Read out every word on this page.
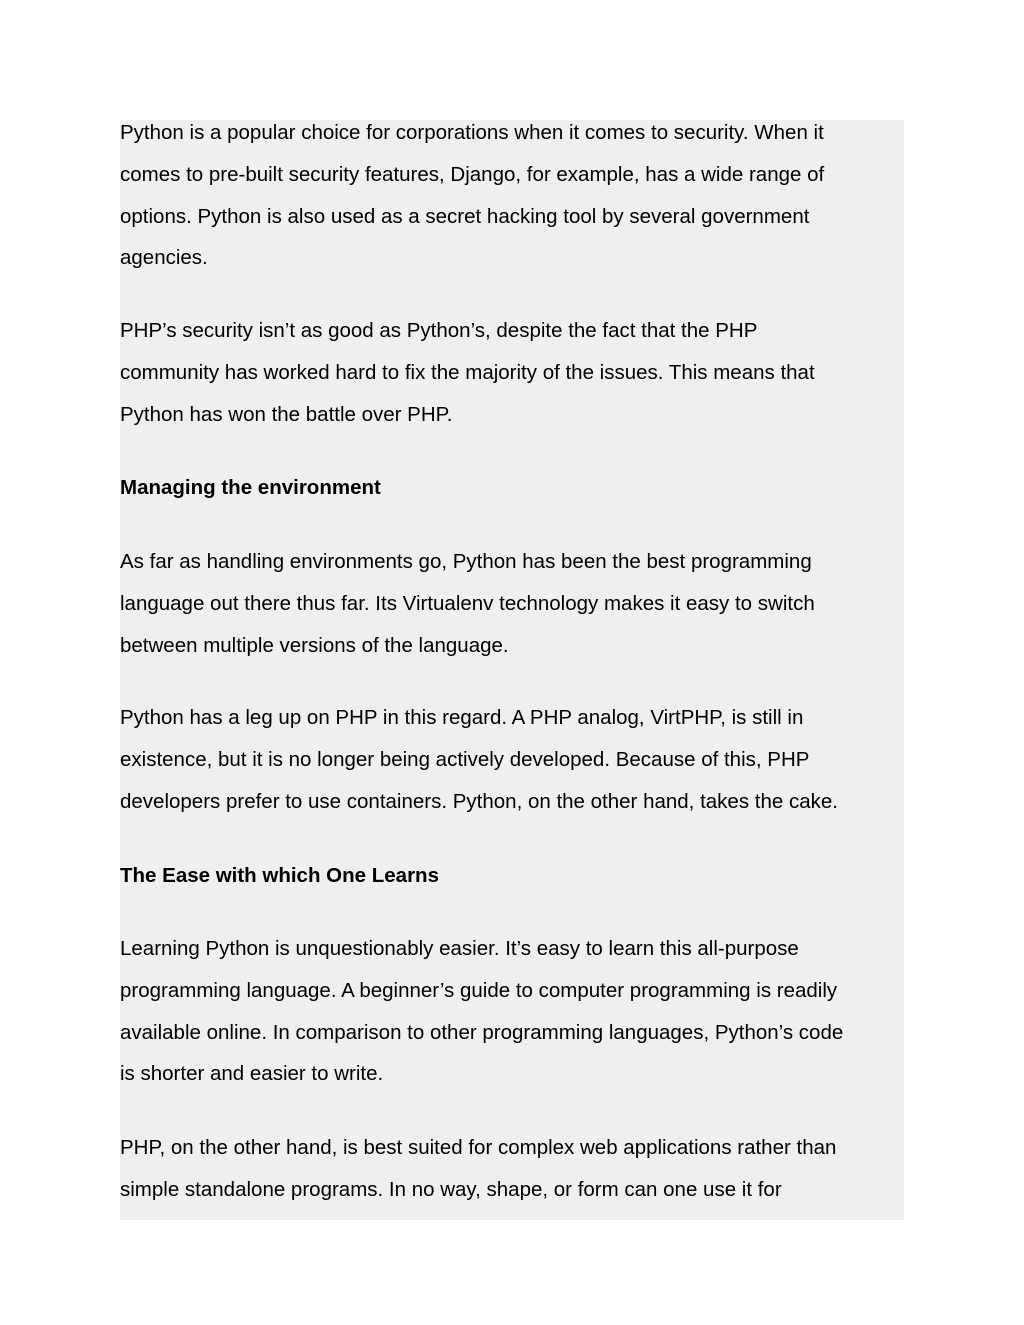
Python is a popular choice for corporations when it comes to security. When it
comes to pre-built security features, Django, for example, has a wide range of
options. Python is also used as a secret hacking tool by several government
agencies.
PHP’s security isn’t as good as Python’s, despite the fact that the PHP
community has worked hard to fix the majority of the issues. This means that
Python has won the battle over PHP.
Managing the environment
As far as handling environments go, Python has been the best programming
language out there thus far. Its Virtualenv technology makes it easy to switch
between multiple versions of the language.
Python has a leg up on PHP in this regard. A PHP analog, VirtPHP, is still in
existence, but it is no longer being actively developed. Because of this, PHP
developers prefer to use containers. Python, on the other hand, takes the cake.
The Ease with which One Learns
Learning Python is unquestionably easier. It’s easy to learn this all-purpose
programming language. A beginner’s guide to computer programming is readily
available online. In comparison to other programming languages, Python’s code
is shorter and easier to write.
PHP, on the other hand, is best suited for complex web applications rather than
simple standalone programs. In no way, shape, or form can one use it for
